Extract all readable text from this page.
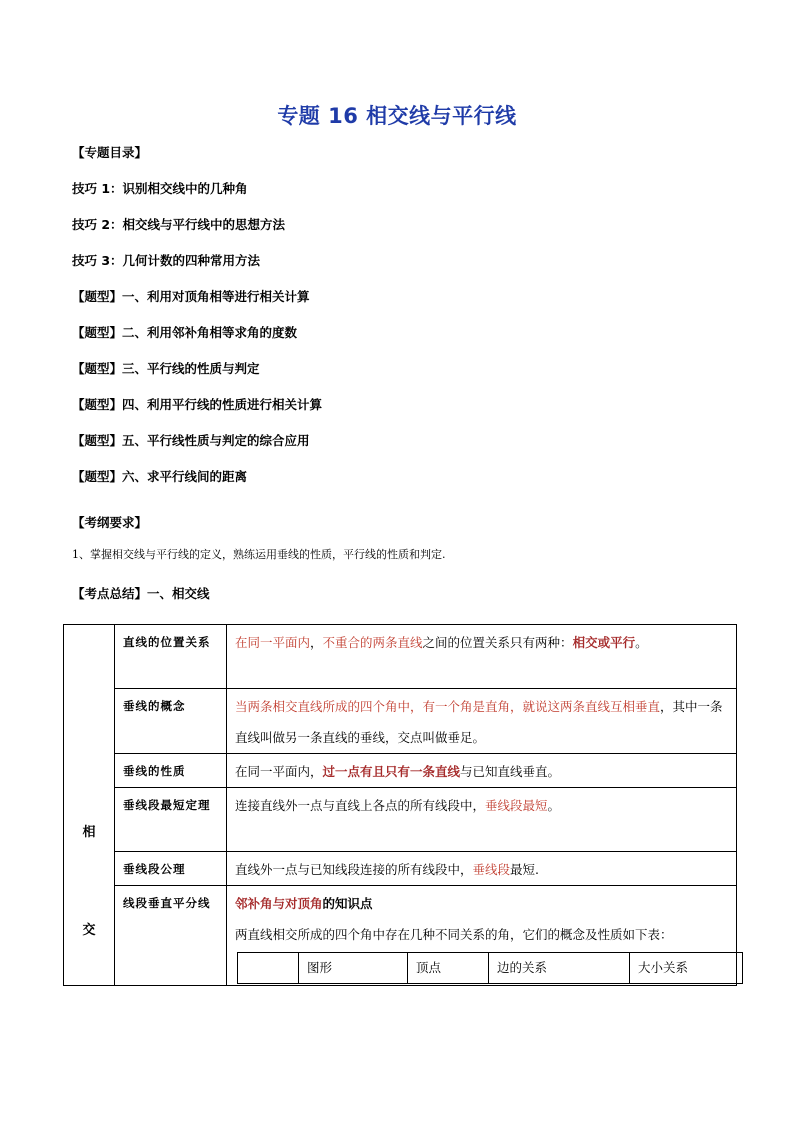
专题 16 相交线与平行线
【专题目录】
技巧 1：识别相交线中的几种角
技巧 2：相交线与平行线中的思想方法
技巧 3：几何计数的四种常用方法
【题型】一、利用对顶角相等进行相关计算
【题型】二、利用邻补角相等求角的度数
【题型】三、平行线的性质与判定
【题型】四、利用平行线的性质进行相关计算
【题型】五、平行线性质与判定的综合应用
【题型】六、求平行线间的距离
【考纲要求】
1、掌握相交线与平行线的定义，熟练运用垂线的性质，平行线的性质和判定.
【考点总结】一、相交线
相
交
	直线的位置关系	在同一平面内，不重合的两条直线之间的位置关系只有两种：相交或平行。
垂线的概念	当两条相交直线所成的四个角中，有一个角是直角，就说这两条直线互相垂直，其中一条直线叫做另一条直线的垂线，交点叫做垂足。
垂线的性质	在同一平面内，过一点有且只有一条直线与已知直线垂直。
垂线段最短定理	连接直线外一点与直线上各点的所有线段中，垂线段最短。
垂线段公理	直线外一点与已知线段连接的所有线段中，垂线段最短.
线段垂直平分线	邻补角与对顶角的知识点
两直线相交所成的四个角中存在几种不同关系的角，它们的概念及性质如下表：
	图形	顶点	边的关系	大小关系
